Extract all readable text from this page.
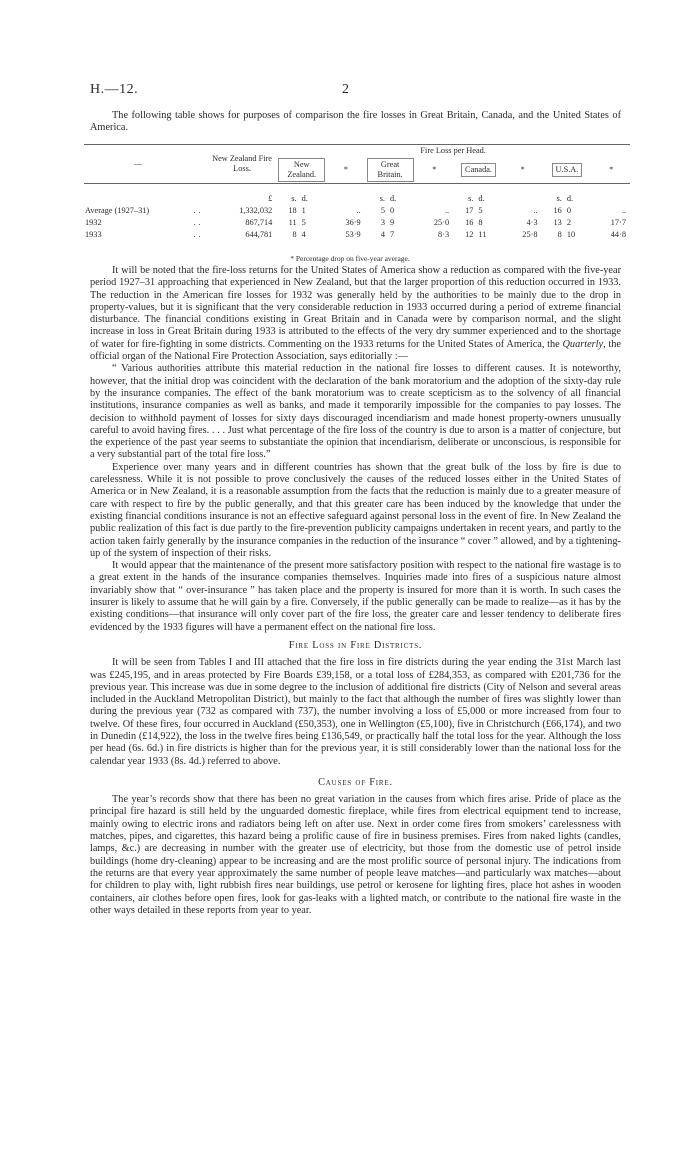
H.—12.	2

The following table shows for purposes of comparison the fire losses in Great Britain, Canada, and the United States of America.

—		New Zealand Fire Loss.	Fire Loss per Head.											
			New Zealand.		*	Great Britain.		*	Canada.		*	U.S.A.		*
		£	s.	d.		s.	d.		s.	d.		s.	d.	
Average (1927–31)	..	1,332,032	18	1	..	5	0	..	17	5	..	16	0	..
1932	..	867,714	11	5	36·9	3	9	25·0	16	8	4·3	13	2	17·7
1933	..	644,781	8	4	53·9	4	7	8·3	12	11	25·8	8	10	44·8
* Percentage drop on five-year average.

It will be noted that the fire-loss returns for the United States of America show a reduction as compared with the five-year period 1927–31 approaching that experienced in New Zealand, but that the larger proportion of this reduction occurred in 1933. The reduction in the American fire losses for 1932 was generally held by the authorities to be mainly due to the drop in property-values, but it is significant that the very considerable reduction in 1933 occurred during a period of extreme financial disturbance. The financial conditions existing in Great Britain and in Canada were by comparison normal, and the slight increase in loss in Great Britain during 1933 is attributed to the effects of the very dry summer experienced and to the shortage of water for fire-fighting in some districts. Commenting on the 1933 returns for the United States of America, the Quarterly, the official organ of the National Fire Protection Association, says editorially :—

“ Various authorities attribute this material reduction in the national fire losses to different causes. It is noteworthy, however, that the initial drop was coincident with the declaration of the bank moratorium and the adoption of the sixty-day rule by the insurance companies. The effect of the bank moratorium was to create scepticism as to the solvency of all financial institutions, insurance companies as well as banks, and made it temporarily impossible for the companies to pay losses. The decision to withhold payment of losses for sixty days discouraged incendiarism and made honest property-owners unusually careful to avoid having fires. . . . Just what percentage of the fire loss of the country is due to arson is a matter of conjecture, but the experience of the past year seems to substantiate the opinion that incendiarism, deliberate or unconscious, is responsible for a very substantial part of the total fire loss.”

Experience over many years and in different countries has shown that the great bulk of the loss by fire is due to carelessness. While it is not possible to prove conclusively the causes of the reduced losses either in the United States of America or in New Zealand, it is a reasonable assumption from the facts that the reduction is mainly due to a greater measure of care with respect to fire by the public generally, and that this greater care has been induced by the knowledge that under the existing financial conditions insurance is not an effective safeguard against personal loss in the event of fire. In New Zealand the public realization of this fact is due partly to the fire-prevention publicity campaigns undertaken in recent years, and partly to the action taken fairly generally by the insurance companies in the reduction of the insurance “ cover ” allowed, and by a tightening-up of the system of inspection of their risks.

It would appear that the maintenance of the present more satisfactory position with respect to the national fire wastage is to a great extent in the hands of the insurance companies themselves. Inquiries made into fires of a suspicious nature almost invariably show that “ over-insurance ” has taken place and the property is insured for more than it is worth. In such cases the insurer is likely to assume that he will gain by a fire. Conversely, if the public generally can be made to realize—as it has by the existing conditions—that insurance will only cover part of the fire loss, the greater care and lesser tendency to deliberate fires evidenced by the 1933 figures will have a permanent effect on the national fire loss.

Fire Loss in Fire Districts.

It will be seen from Tables I and III attached that the fire loss in fire districts during the year ending the 31st March last was £245,195, and in areas protected by Fire Boards £39,158, or a total loss of £284,353, as compared with £201,736 for the previous year. This increase was due in some degree to the inclusion of additional fire districts (City of Nelson and several areas included in the Auckland Metropolitan District), but mainly to the fact that although the number of fires was slightly lower than during the previous year (732 as compared with 737), the number involving a loss of £5,000 or more increased from four to twelve. Of these fires, four occurred in Auckland (£50,353), one in Wellington (£5,100), five in Christchurch (£66,174), and two in Dunedin (£14,922), the loss in the twelve fires being £136,549, or practically half the total loss for the year. Although the loss per head (6s. 6d.) in fire districts is higher than for the previous year, it is still considerably lower than the national loss for the calendar year 1933 (8s. 4d.) referred to above.

Causes of Fire.

The year’s records show that there has been no great variation in the causes from which fires arise. Pride of place as the principal fire hazard is still held by the unguarded domestic fireplace, while fires from electrical equipment tend to increase, mainly owing to electric irons and radiators being left on after use. Next in order come fires from smokers’ carelessness with matches, pipes, and cigarettes, this hazard being a prolific cause of fire in business premises. Fires from naked lights (candles, lamps, &c.) are decreasing in number with the greater use of electricity, but those from the domestic use of petrol inside buildings (home dry-cleaning) appear to be increasing and are the most prolific source of personal injury. The indications from the returns are that every year approximately the same number of people leave matches—and particularly wax matches—about for children to play with, light rubbish fires near buildings, use petrol or kerosene for lighting fires, place hot ashes in wooden containers, air clothes before open fires, look for gas-leaks with a lighted match, or contribute to the national fire waste in the other ways detailed in these reports from year to year.
